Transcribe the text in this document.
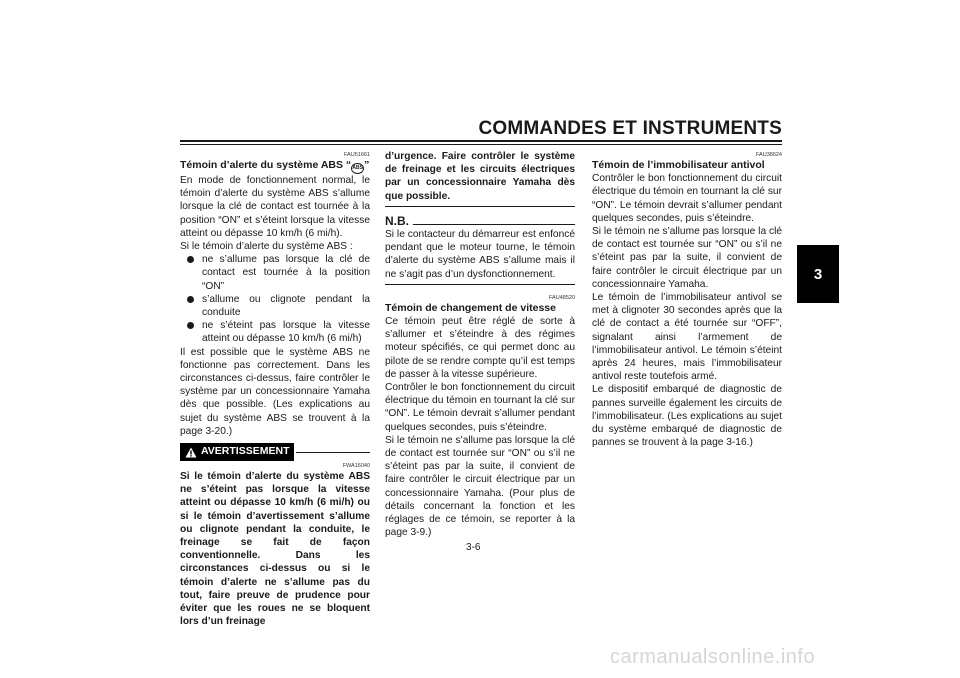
COMMANDES ET INSTRUMENTS
3
FAU51661
Témoin d’alerte du système ABS “ABS”

En mode de fonctionnement normal, le témoin d’alerte du système ABS s’allume lorsque la clé de contact est tournée à la position “ON” et s’éteint lorsque la vitesse atteint ou dépasse 10 km/h (6 mi/h).

Si le témoin d’alerte du système ABS :

ne s’allume pas lorsque la clé de contact est tournée à la position “ON”
s’allume ou clignote pendant la conduite
ne s’éteint pas lorsque la vitesse atteint ou dépasse 10 km/h (6 mi/h)

Il est possible que le système ABS ne fonctionne pas correctement. Dans les circonstances ci-dessus, faire contrôler le système par un concessionnaire Yamaha dès que possible. (Les explications au sujet du système ABS se trouvent à la page 3-20.)

AVERTISSEMENT
FWA16040

Si le témoin d’alerte du système ABS ne s’éteint pas lorsque la vitesse atteint ou dépasse 10 km/h (6 mi/h) ou si le témoin d’avertissement s’allume ou clignote pendant la conduite, le freinage se fait de façon conventionnelle. Dans les circonstances ci-dessus ou si le témoin d’alerte ne s’allume pas du tout, faire preuve de prudence pour éviter que les roues ne se bloquent lors d’un freinage

d’urgence. Faire contrôler le système de freinage et les circuits électriques par un concessionnaire Yamaha dès que possible.

N.B.

Si le contacteur du démarreur est enfoncé pendant que le moteur tourne, le témoin d’alerte du système ABS s’allume mais il ne s’agit pas d’un dysfonctionnement.

FAU48520
Témoin de changement de vitesse

Ce témoin peut être réglé de sorte à s’allumer et s’éteindre à des régimes moteur spécifiés, ce qui permet donc au pilote de se rendre compte qu’il est temps de passer à la vitesse supérieure.

Contrôler le bon fonctionnement du circuit électrique du témoin en tournant la clé sur “ON”. Le témoin devrait s’allumer pendant quelques secondes, puis s’éteindre.

Si le témoin ne s’allume pas lorsque la clé de contact est tournée sur “ON” ou s’il ne s’éteint pas par la suite, il convient de faire contrôler le circuit électrique par un concessionnaire Yamaha. (Pour plus de détails concernant la fonction et les réglages de ce témoin, se reporter à la page 3-9.)

FAU38624
Témoin de l’immobilisateur antivol

Contrôler le bon fonctionnement du circuit électrique du témoin en tournant la clé sur “ON”. Le témoin devrait s’allumer pendant quelques secondes, puis s’éteindre.

Si le témoin ne s’allume pas lorsque la clé de contact est tournée sur “ON” ou s’il ne s’éteint pas par la suite, il convient de faire contrôler le circuit électrique par un concessionnaire Yamaha.

Le témoin de l’immobilisateur antivol se met à clignoter 30 secondes après que la clé de contact a été tournée sur “OFF”, signalant ainsi l’armement de l’immobilisateur antivol. Le témoin s’éteint après 24 heures, mais l’immobilisateur antivol reste toutefois armé.

Le dispositif embarqué de diagnostic de pannes surveille également les circuits de l’immobilisateur. (Les explications au sujet du système embarqué de diagnostic de pannes se trouvent à la page 3-16.)

3-6
carmanualsonline.info
